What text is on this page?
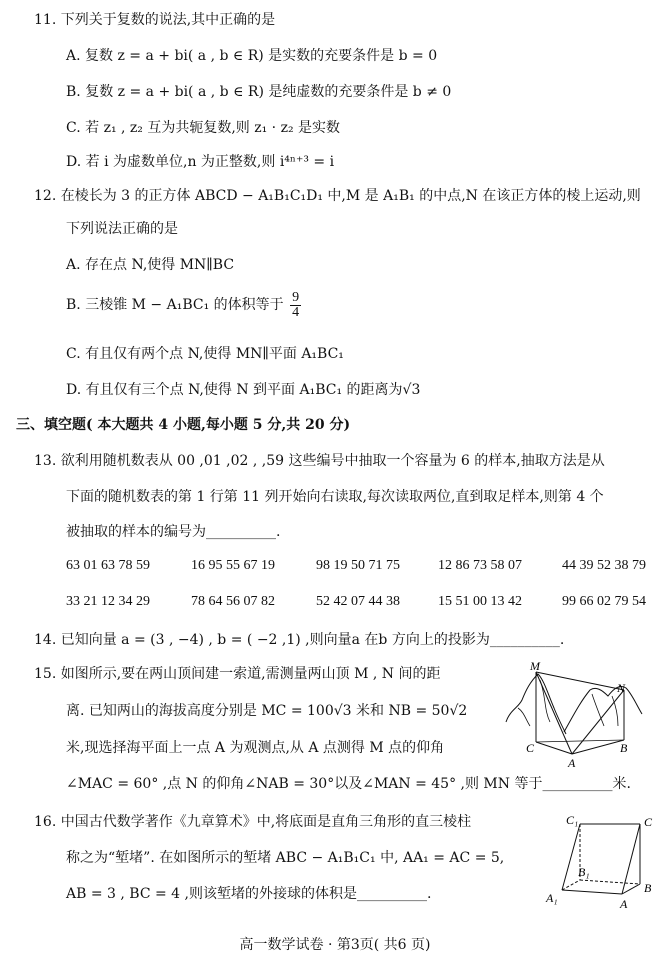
11. 下列关于复数的说法,其中正确的是
A. 复数 z = a + bi( a , b ∈ R) 是实数的充要条件是 b = 0
B. 复数 z = a + bi( a , b ∈ R) 是纯虚数的充要条件是 b ≠ 0
C. 若 z₁ , z₂ 互为共轭复数,则 z₁ · z₂ 是实数
D. 若 i 为虚数单位,n 为正整数,则 i⁴ⁿ⁺³ = i
12. 在棱长为 3 的正方体 ABCD − A₁B₁C₁D₁ 中,M 是 A₁B₁ 的中点,N 在该正方体的棱上运动,则
下列说法正确的是
A. 存在点 N,使得 MN∥BC
B. 三棱锥 M − A₁BC₁ 的体积等于 $\frac{9}{4}$
C. 有且仅有两个点 N,使得 MN∥平面 A₁BC₁
D. 有且仅有三个点 N,使得 N 到平面 A₁BC₁ 的距离为√3
三、填空题( 本大题共 4 小题,每小题 5 分,共 20 分)
13. 欲利用随机数表从 00 ,01 ,02 , ,59 这些编号中抽取一个容量为 6 的样本,抽取方法是从
下面的随机数表的第 1 行第 11 列开始向右读取,每次读取两位,直到取足样本,则第 4 个
被抽取的样本的编号为__________.
63 01 63 78 59	16 95 55 67 19	98 19 50 71 75	12 86 73 58 07	44 39 52 38 79
33 21 12 34 29	78 64 56 07 82	52 42 07 44 38	15 51 00 13 42	99 66 02 79 54
14. 已知向量 a = (3 , −4) , b = ( −2 ,1) ,则向量a 在b 方向上的投影为__________.
15. 如图所示,要在两山顶间建一索道,需测量两山顶 M , N 间的距
离. 已知两山的海拔高度分别是 MC = 100√3 米和 NB = 50√2
米,现选择海平面上一点 A 为观测点,从 A 点测得 M 点的仰角
∠MAC = 60° ,点 N 的仰角∠NAB = 30°以及∠MAN = 45° ,则 MN 等于__________米.
M
N
C	B
A
16. 中国古代数学著作《九章算术》中,将底面是直角三角形的直三棱柱
称之为“堑堵”. 在如图所示的堑堵 ABC − A₁B₁C₁ 中, AA₁ = AC = 5,
AB = 3 , BC = 4 ,则该堑堵的外接球的体积是__________.
C₁	C
B₁
A₁
B
A
高一数学试卷 · 第3页( 共6 页)
